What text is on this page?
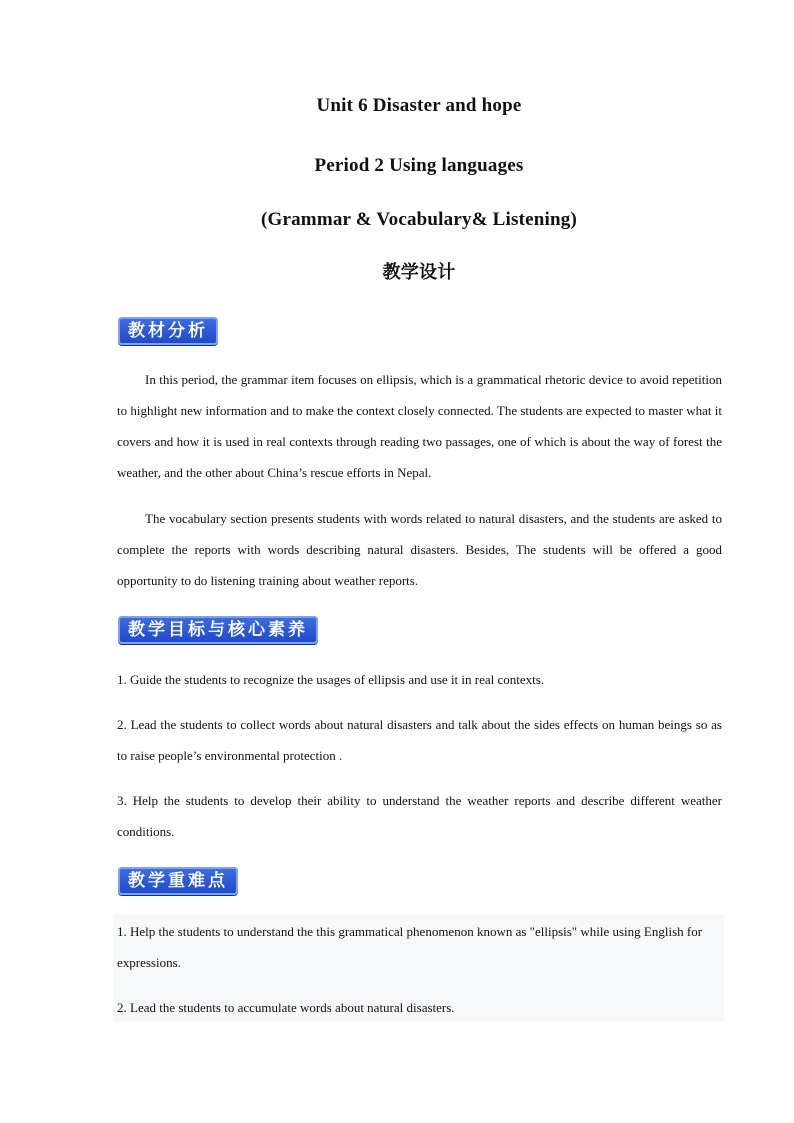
Unit 6 Disaster and hope
Period 2 Using languages
(Grammar & Vocabulary& Listening)
教学设计
教材分析

In this period, the grammar item focuses on ellipsis, which is a grammatical rhetoric device to avoid repetition to highlight new information and to make the context closely connected. The students are expected to master what it covers and how it is used in real contexts through reading two passages, one of which is about the way of forest the weather, and the other about China’s rescue efforts in Nepal.

The vocabulary section presents students with words related to natural disasters, and the students are asked to complete the reports with words describing natural disasters. Besides, The students will be offered a good opportunity to do listening training about weather reports.

教学目标与核心素养

1. Guide the students to recognize the usages of ellipsis and use it in real contexts.

2. Lead the students to collect words about natural disasters and talk about the sides effects on human beings so as to raise people’s environmental protection .

3. Help the students to develop their ability to understand the weather reports and describe different weather conditions.

教学重难点

1. Help the students to understand the this grammatical phenomenon known as "ellipsis" while using English for expressions.

2. Lead the students to accumulate words about natural disasters.
